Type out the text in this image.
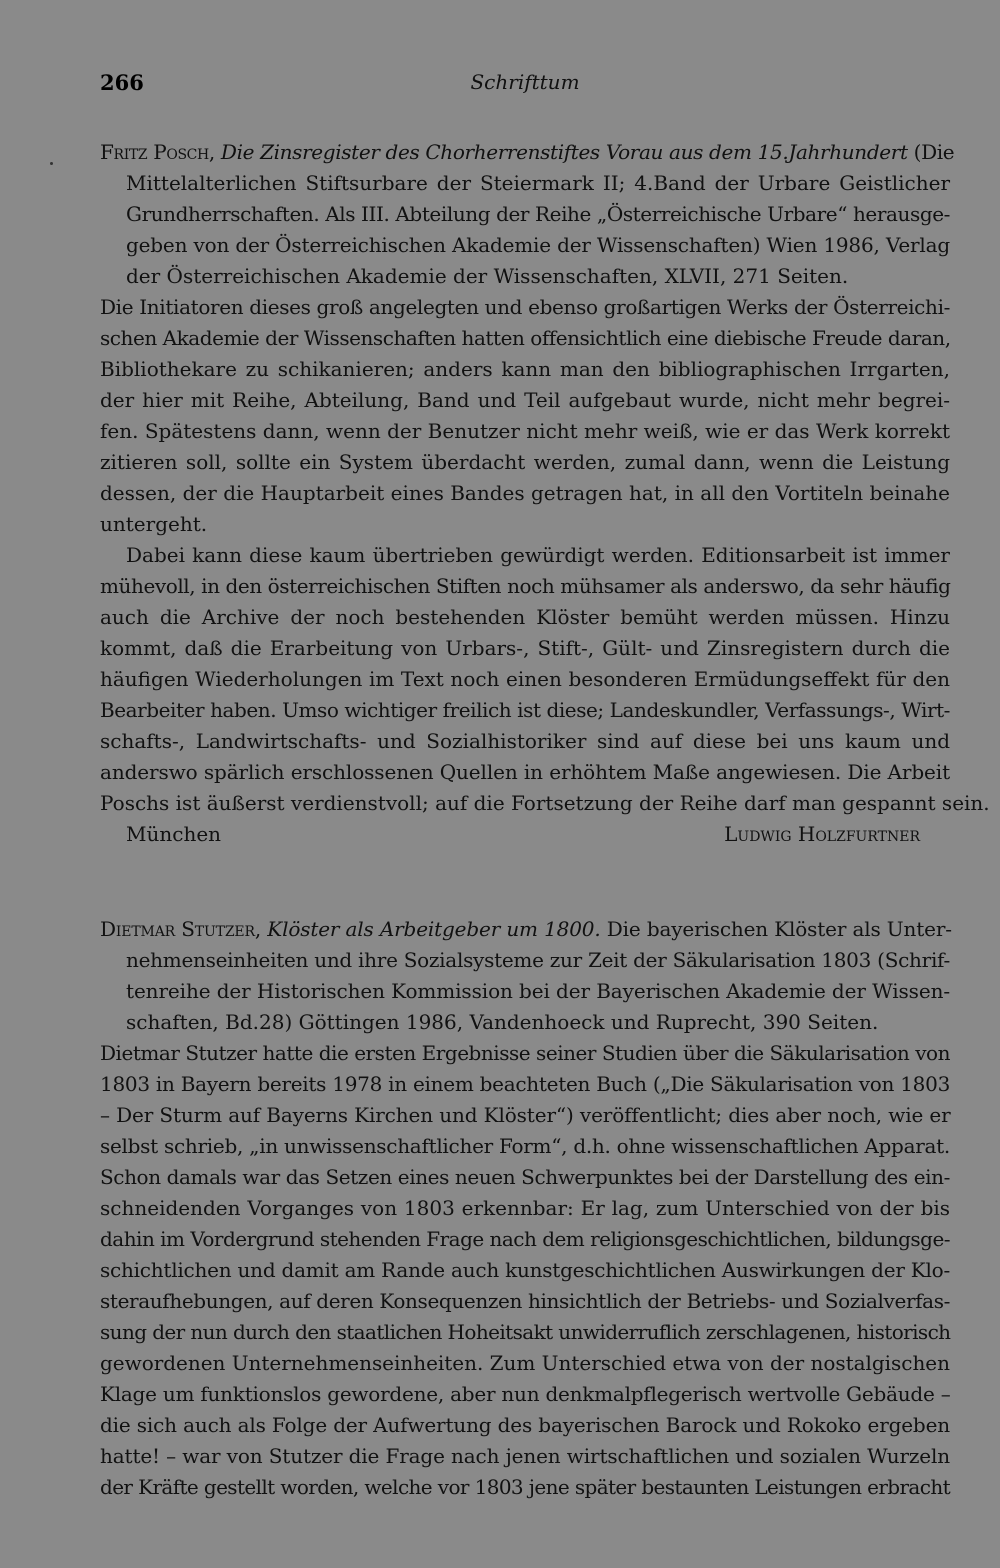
266	Schrifttum
Fritz Posch, Die Zinsregister des Chorherrenstiftes Vorau aus dem 15.Jahrhundert (Die
Mittelalterlichen Stiftsurbare der Steiermark II; 4.Band der Urbare Geistlicher
Grundherrschaften. Als III. Abteilung der Reihe „Österreichische Urbare“ herausge-
geben von der Österreichischen Akademie der Wissenschaften) Wien 1986, Verlag
der Österreichischen Akademie der Wissenschaften, XLVII, 271 Seiten.
Die Initiatoren dieses groß angelegten und ebenso großartigen Werks der Österreichi-
schen Akademie der Wissenschaften hatten offensichtlich eine diebische Freude daran,
Bibliothekare zu schikanieren; anders kann man den bibliographischen Irrgarten,
der hier mit Reihe, Abteilung, Band und Teil aufgebaut wurde, nicht mehr begrei-
fen. Spätestens dann, wenn der Benutzer nicht mehr weiß, wie er das Werk korrekt
zitieren soll, sollte ein System überdacht werden, zumal dann, wenn die Leistung
dessen, der die Hauptarbeit eines Bandes getragen hat, in all den Vortiteln beinahe
untergeht.
Dabei kann diese kaum übertrieben gewürdigt werden. Editionsarbeit ist immer
mühevoll, in den österreichischen Stiften noch mühsamer als anderswo, da sehr häufig
auch die Archive der noch bestehenden Klöster bemüht werden müssen. Hinzu
kommt, daß die Erarbeitung von Urbars-, Stift-, Gült- und Zinsregistern durch die
häufigen Wiederholungen im Text noch einen besonderen Ermüdungseffekt für den
Bearbeiter haben. Umso wichtiger freilich ist diese; Landeskundler, Verfassungs-, Wirt-
schafts-, Landwirtschafts- und Sozialhistoriker sind auf diese bei uns kaum und
anderswo spärlich erschlossenen Quellen in erhöhtem Maße angewiesen. Die Arbeit
Poschs ist äußerst verdienstvoll; auf die Fortsetzung der Reihe darf man gespannt sein.
München	Ludwig Holzfurtner
Dietmar Stutzer, Klöster als Arbeitgeber um 1800. Die bayerischen Klöster als Unter-
nehmenseinheiten und ihre Sozialsysteme zur Zeit der Säkularisation 1803 (Schrif-
tenreihe der Historischen Kommission bei der Bayerischen Akademie der Wissen-
schaften, Bd.28) Göttingen 1986, Vandenhoeck und Ruprecht, 390 Seiten.
Dietmar Stutzer hatte die ersten Ergebnisse seiner Studien über die Säkularisation von
1803 in Bayern bereits 1978 in einem beachteten Buch („Die Säkularisation von 1803
– Der Sturm auf Bayerns Kirchen und Klöster“) veröffentlicht; dies aber noch, wie er
selbst schrieb, „in unwissenschaftlicher Form“, d.h. ohne wissenschaftlichen Apparat.
Schon damals war das Setzen eines neuen Schwerpunktes bei der Darstellung des ein-
schneidenden Vorganges von 1803 erkennbar: Er lag, zum Unterschied von der bis
dahin im Vordergrund stehenden Frage nach dem religionsgeschichtlichen, bildungsge-
schichtlichen und damit am Rande auch kunstgeschichtlichen Auswirkungen der Klo-
steraufhebungen, auf deren Konsequenzen hinsichtlich der Betriebs- und Sozialverfas-
sung der nun durch den staatlichen Hoheitsakt unwiderruflich zerschlagenen, historisch
gewordenen Unternehmenseinheiten. Zum Unterschied etwa von der nostalgischen
Klage um funktionslos gewordene, aber nun denkmalpflegerisch wertvolle Gebäude –
die sich auch als Folge der Aufwertung des bayerischen Barock und Rokoko ergeben
hatte! – war von Stutzer die Frage nach jenen wirtschaftlichen und sozialen Wurzeln
der Kräfte gestellt worden, welche vor 1803 jene später bestaunten Leistungen erbracht
